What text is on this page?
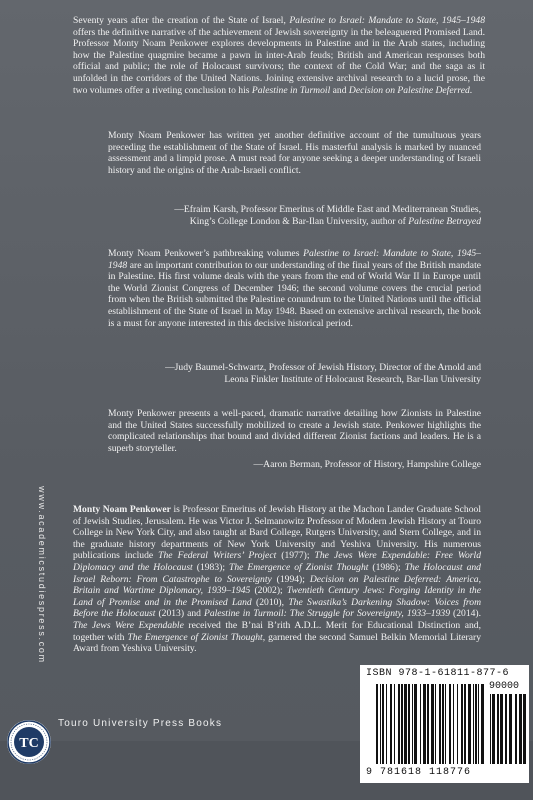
Seventy years after the creation of the State of Israel, Palestine to Israel: Mandate to State, 1945–1948 offers the definitive narrative of the achievement of Jewish sovereignty in the beleaguered Promised Land. Professor Monty Noam Penkower explores developments in Palestine and in the Arab states, including how the Palestine quagmire became a pawn in inter-Arab feuds; British and American responses both official and public; the role of Holocaust survivors; the context of the Cold War; and the saga as it unfolded in the corridors of the United Nations. Joining extensive archival research to a lucid prose, the two volumes offer a riveting conclusion to his Palestine in Turmoil and Decision on Palestine Deferred.

Monty Noam Penkower has written yet another definitive account of the tumultuous years preceding the establishment of the State of Israel. His masterful analysis is marked by nuanced assessment and a limpid prose. A must read for anyone seeking a deeper understanding of Israeli history and the origins of the Arab-Israeli conflict.

—Efraim Karsh, Professor Emeritus of Middle East and Mediterranean Studies,
King’s College London & Bar-Ilan University, author of Palestine Betrayed

Monty Noam Penkower’s pathbreaking volumes Palestine to Israel: Mandate to State, 1945–1948 are an important contribution to our understanding of the final years of the British mandate in Palestine. His first volume deals with the years from the end of World War II in Europe until the World Zionist Congress of December 1946; the second volume covers the crucial period from when the British submitted the Palestine conundrum to the United Nations until the official establishment of the State of Israel in May 1948. Based on extensive archival research, the book is a must for anyone interested in this decisive historical period.

—Judy Baumel-Schwartz, Professor of Jewish History, Director of the Arnold and
Leona Finkler Institute of Holocaust Research, Bar-Ilan University

Monty Penkower presents a well-paced, dramatic narrative detailing how Zionists in Palestine and the United States successfully mobilized to create a Jewish state. Penkower highlights the complicated relationships that bound and divided different Zionist factions and leaders. He is a superb storyteller.

—Aaron Berman, Professor of History, Hampshire College

Monty Noam Penkower is Professor Emeritus of Jewish History at the Machon Lander Graduate School of Jewish Studies, Jerusalem. He was Victor J. Selmanowitz Professor of Modern Jewish History at Touro College in New York City, and also taught at Bard College, Rutgers University, and Stern College, and in the graduate history departments of New York University and Yeshiva University. His numerous publications include The Federal Writers’ Project (1977); The Jews Were Expendable: Free World Diplomacy and the Holocaust (1983); The Emergence of Zionist Thought (1986); The Holocaust and Israel Reborn: From Catastrophe to Sovereignty (1994); Decision on Palestine Deferred: America, Britain and Wartime Diplomacy, 1939–1945 (2002); Twentieth Century Jews: Forging Identity in the Land of Promise and in the Promised Land (2010), The Swastika’s Darkening Shadow: Voices from Before the Holocaust (2013) and Palestine in Turmoil: The Struggle for Sovereignty, 1933–1939 (2014). The Jews Were Expendable received the B’nai B’rith A.D.L. Merit for Educational Distinction and, together with The Emergence of Zionist Thought, garnered the second Samuel Belkin Memorial Literary Award from Yeshiva University.

www.academicstudiespress.com
TC
Touro University Press Books
ISBN 978-1-61811-877-6
90000
9 781618 118776
